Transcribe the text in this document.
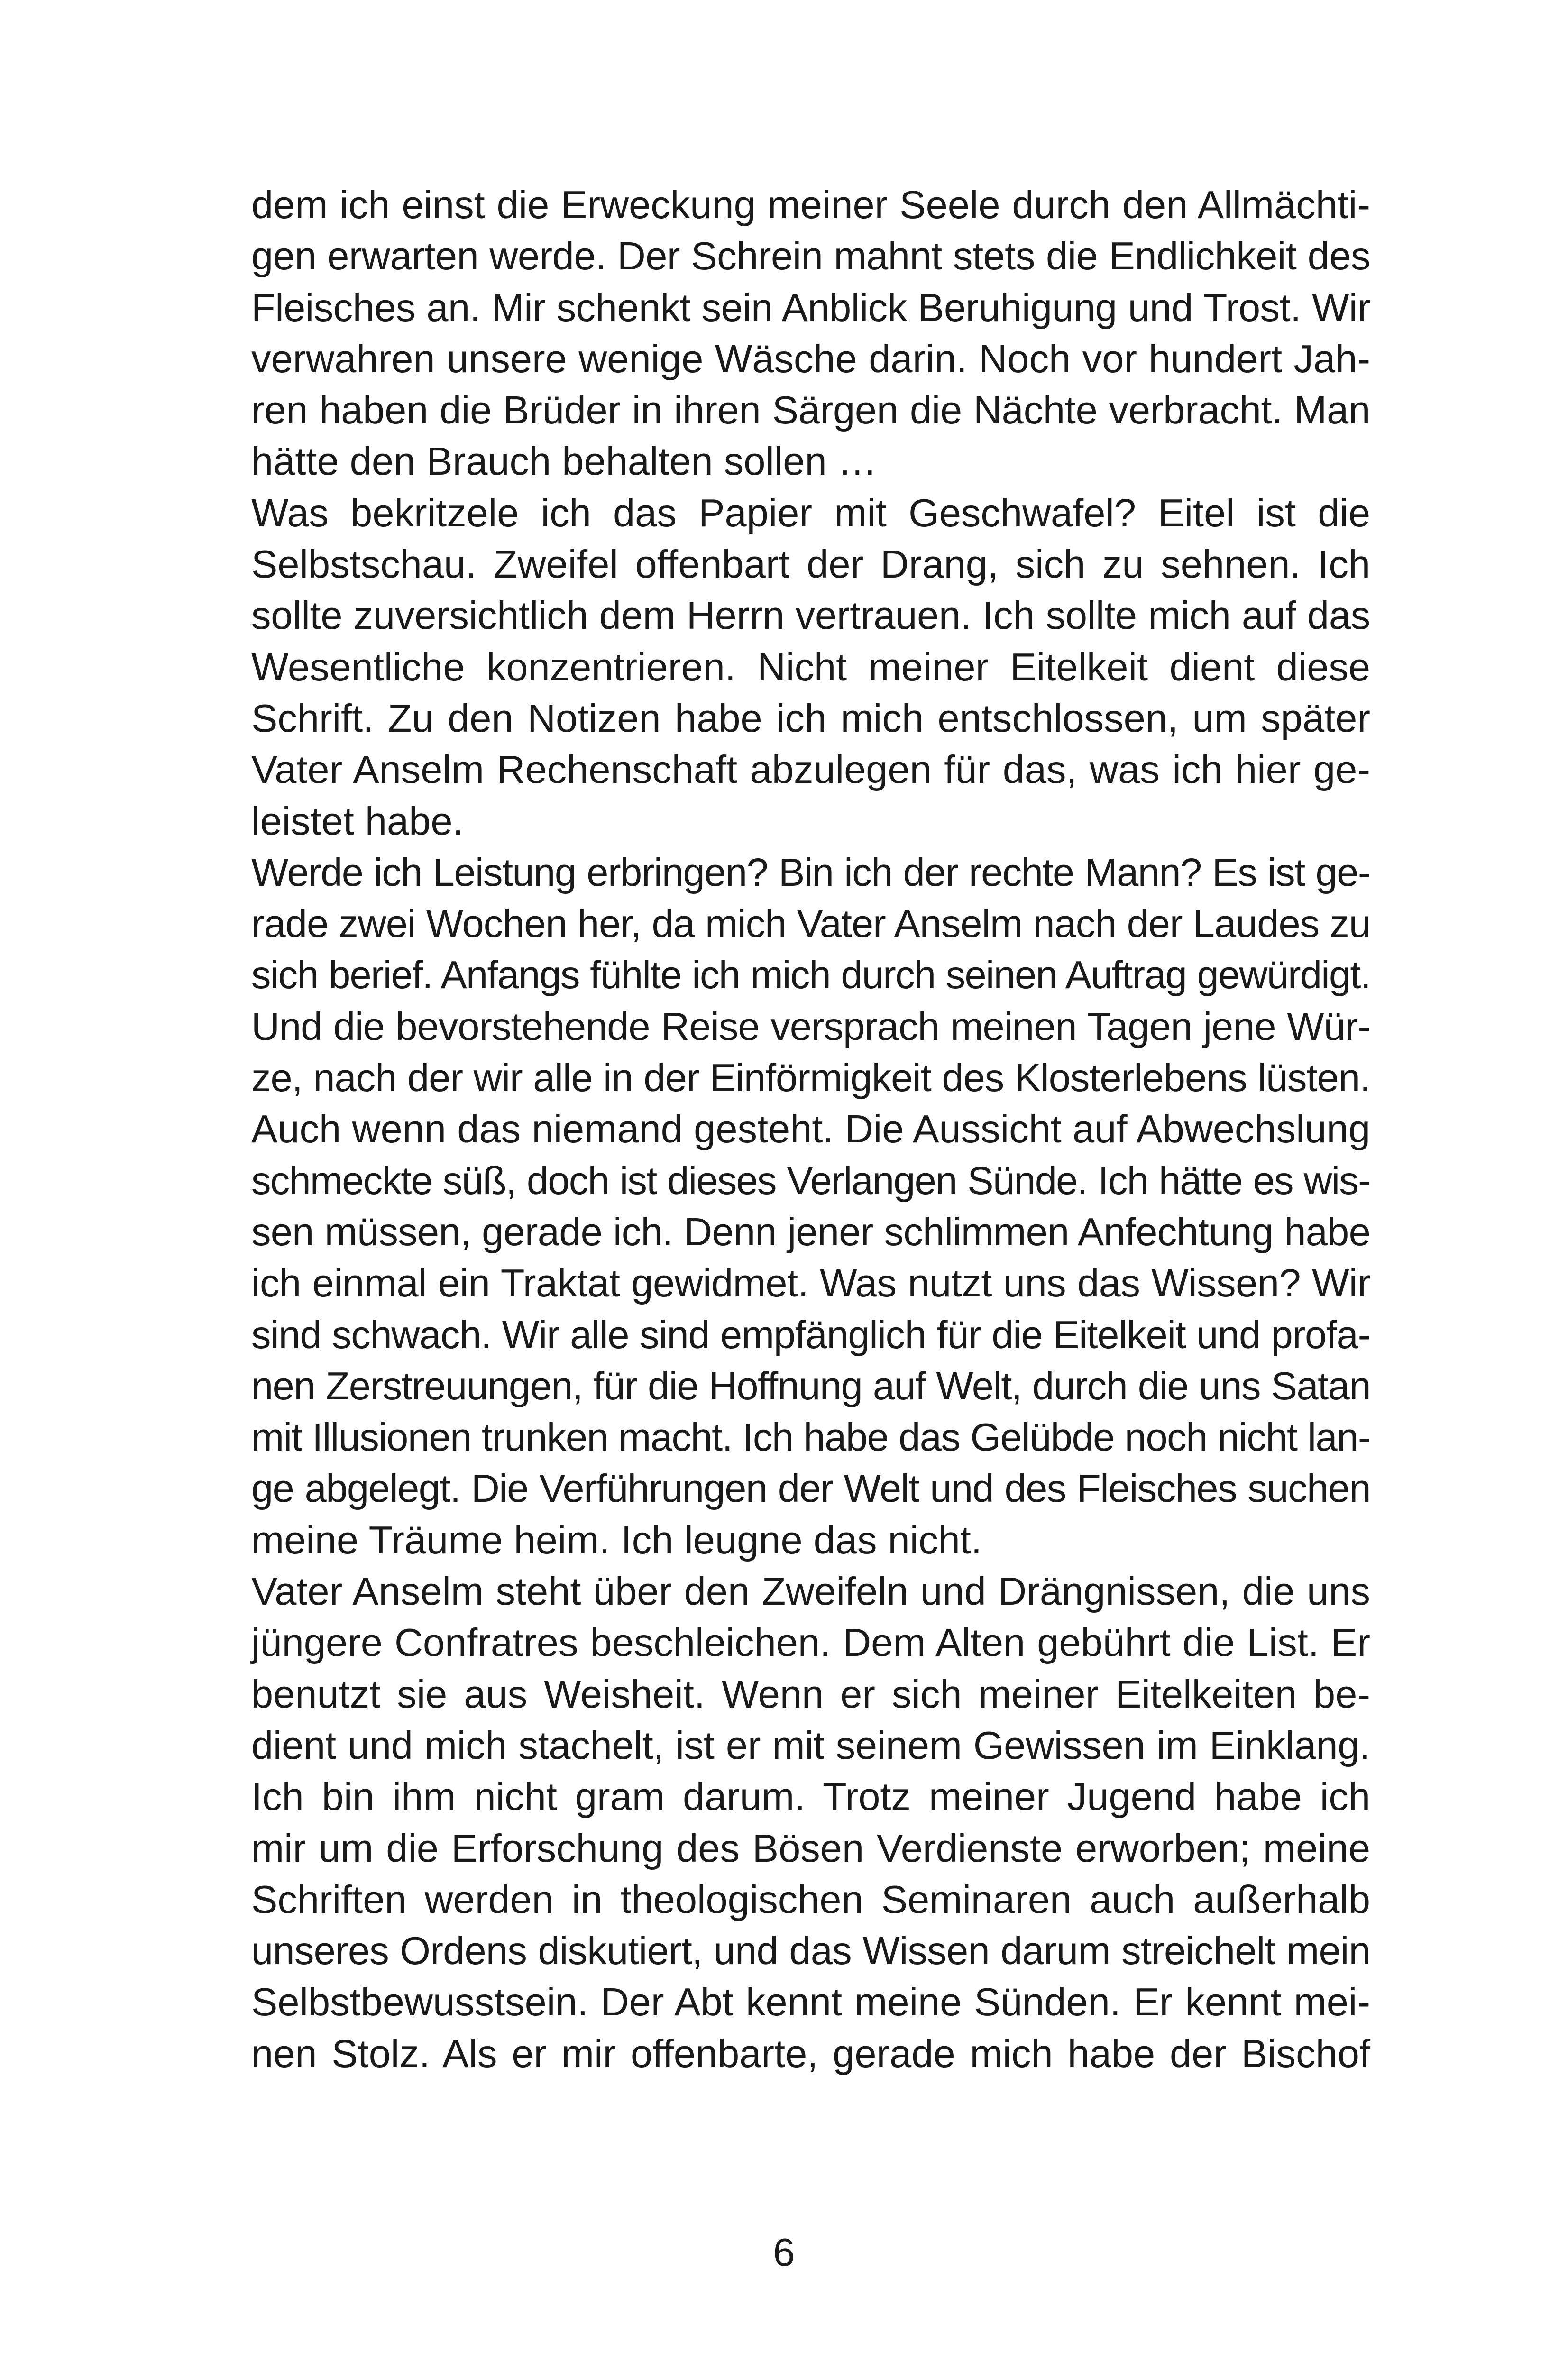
dem ich einst die Erweckung meiner Seele durch den Allmächti-
gen erwarten werde. Der Schrein mahnt stets die Endlichkeit des
Fleisches an. Mir schenkt sein Anblick Beruhigung und Trost. Wir
verwahren unsere wenige Wäsche darin. Noch vor hundert Jah-
ren haben die Brüder in ihren Särgen die Nächte verbracht. Man
hätte den Brauch behalten sollen …
Was bekritzele ich das Papier mit Geschwafel? Eitel ist die
Selbstschau. Zweifel offenbart der Drang, sich zu sehnen. Ich
sollte zuversichtlich dem Herrn vertrauen. Ich sollte mich auf das
Wesentliche konzentrieren. Nicht meiner Eitelkeit dient diese
Schrift. Zu den Notizen habe ich mich entschlossen, um später
Vater Anselm Rechenschaft abzulegen für das, was ich hier ge-
leistet habe.
Werde ich Leistung erbringen? Bin ich der rechte Mann? Es ist ge-
rade zwei Wochen her, da mich Vater Anselm nach der Laudes zu
sich berief. Anfangs fühlte ich mich durch seinen Auftrag gewürdigt.
Und die bevorstehende Reise versprach meinen Tagen jene Wür-
ze, nach der wir alle in der Einförmigkeit des Klosterlebens lüsten.
Auch wenn das niemand gesteht. Die Aussicht auf Abwechslung
schmeckte süß, doch ist dieses Verlangen Sünde. Ich hätte es wis-
sen müssen, gerade ich. Denn jener schlimmen Anfechtung habe
ich einmal ein Traktat gewidmet. Was nutzt uns das Wissen? Wir
sind schwach. Wir alle sind empfänglich für die Eitelkeit und profa-
nen Zerstreuungen, für die Hoffnung auf Welt, durch die uns Satan
mit Illusionen trunken macht. Ich habe das Gelübde noch nicht lan-
ge abgelegt. Die Verführungen der Welt und des Fleisches suchen
meine Träume heim. Ich leugne das nicht.
Vater Anselm steht über den Zweifeln und Drängnissen, die uns
jüngere Confratres beschleichen. Dem Alten gebührt die List. Er
benutzt sie aus Weisheit. Wenn er sich meiner Eitelkeiten be-
dient und mich stachelt, ist er mit seinem Gewissen im Einklang.
Ich bin ihm nicht gram darum. Trotz meiner Jugend habe ich
mir um die Erforschung des Bösen Verdienste erworben; meine
Schriften werden in theologischen Seminaren auch außerhalb
unseres Ordens diskutiert, und das Wissen darum streichelt mein
Selbstbewusstsein. Der Abt kennt meine Sünden. Er kennt mei-
nen Stolz. Als er mir offenbarte, gerade mich habe der Bischof
6
